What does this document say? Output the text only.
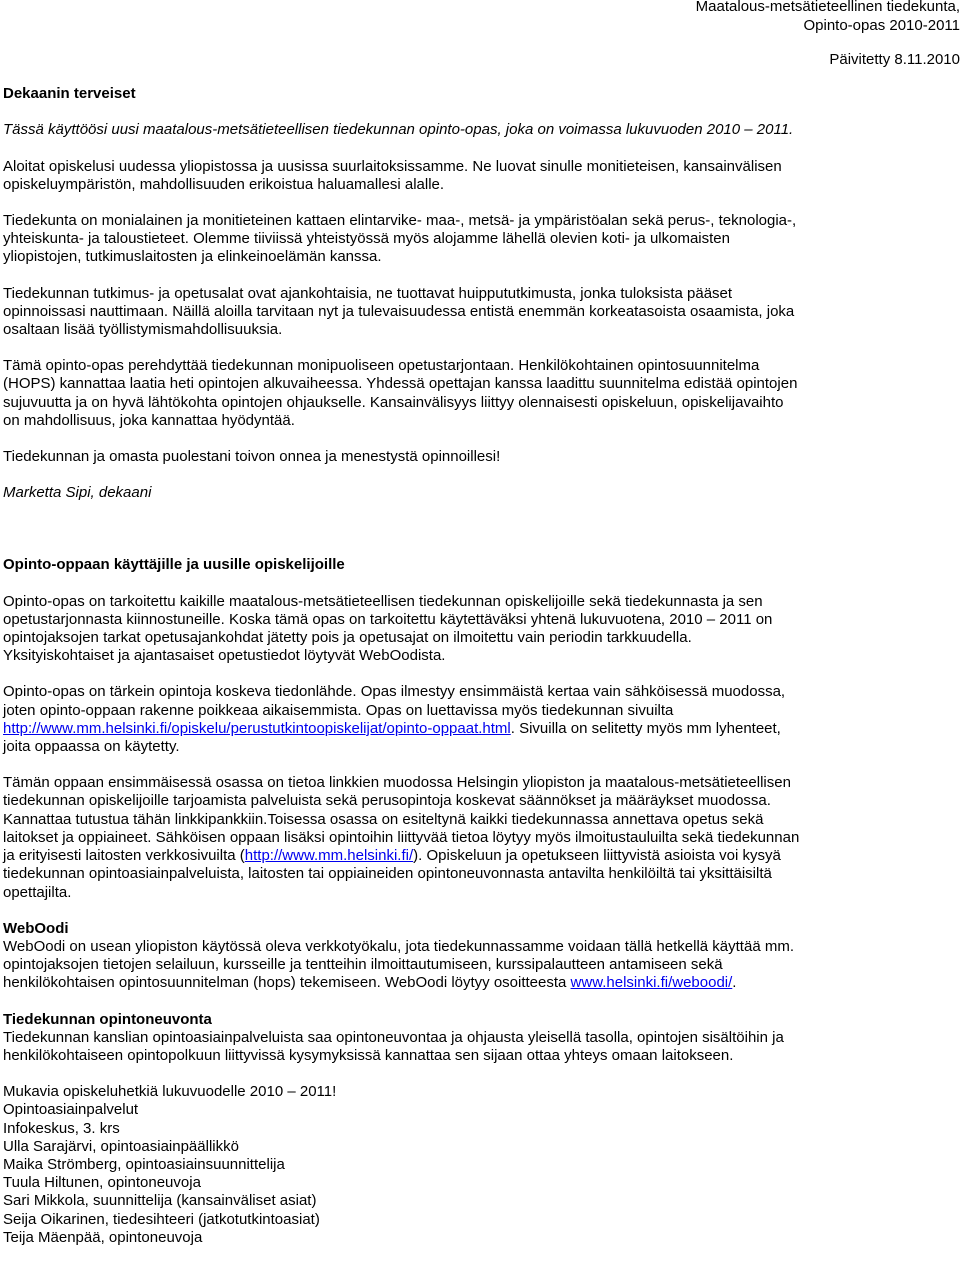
Maatalous-metsätieteellinen tiedekunta,
Opinto-opas 2010-2011
Päivitetty 8.11.2010
Dekaanin terveiset

Tässä käyttöösi uusi maatalous-metsätieteellisen tiedekunnan opinto-opas, joka on voimassa lukuvuoden 2010 – 2011.

Aloitat opiskelusi uudessa yliopistossa ja uusissa suurlaitoksissamme. Ne luovat sinulle monitieteisen, kansainvälisen
opiskeluympäristön, mahdollisuuden erikoistua haluamallesi alalle.

Tiedekunta on monialainen ja monitieteinen kattaen elintarvike- maa-, metsä- ja ympäristöalan sekä perus-, teknologia-,
yhteiskunta- ja taloustieteet. Olemme tiiviissä yhteistyössä myös alojamme lähellä olevien koti- ja ulkomaisten
yliopistojen, tutkimuslaitosten ja elinkeinoelämän kanssa.

Tiedekunnan tutkimus- ja opetusalat ovat ajankohtaisia, ne tuottavat huippututkimusta, jonka tuloksista pääset
opinnoissasi nauttimaan. Näillä aloilla tarvitaan nyt ja tulevaisuudessa entistä enemmän korkeatasoista osaamista, joka
osaltaan lisää työllistymismahdollisuuksia.

Tämä opinto-opas perehdyttää tiedekunnan monipuoliseen opetustarjontaan. Henkilökohtainen opintosuunnitelma
(HOPS) kannattaa laatia heti opintojen alkuvaiheessa. Yhdessä opettajan kanssa laadittu suunnitelma edistää opintojen
sujuvuutta ja on hyvä lähtökohta opintojen ohjaukselle. Kansainvälisyys liittyy olennaisesti opiskeluun, opiskelijavaihto
on mahdollisuus, joka kannattaa hyödyntää.

Tiedekunnan ja omasta puolestani toivon onnea ja menestystä opinnoillesi!

Marketta Sipi, dekaani

Opinto-oppaan käyttäjille ja uusille opiskelijoille

Opinto-opas on tarkoitettu kaikille maatalous-metsätieteellisen tiedekunnan opiskelijoille sekä tiedekunnasta ja sen
opetustarjonnasta kiinnostuneille. Koska tämä opas on tarkoitettu käytettäväksi yhtenä lukuvuotena, 2010 – 2011 on
opintojaksojen tarkat opetusajankohdat jätetty pois ja opetusajat on ilmoitettu vain periodin tarkkuudella.
Yksityiskohtaiset ja ajantasaiset opetustiedot löytyvät WebOodista.

Opinto-opas on tärkein opintoja koskeva tiedonlähde. Opas ilmestyy ensimmäistä kertaa vain sähköisessä muodossa,
joten opinto-oppaan rakenne poikkeaa aikaisemmista. Opas on luettavissa myös tiedekunnan sivuilta
http://www.mm.helsinki.fi/opiskelu/perustutkintoopiskelijat/opinto-oppaat.html. Sivuilla on selitetty myös mm lyhenteet,
joita oppaassa on käytetty.

Tämän oppaan ensimmäisessä osassa on tietoa linkkien muodossa Helsingin yliopiston ja maatalous-metsätieteellisen
tiedekunnan opiskelijoille tarjoamista palveluista sekä perusopintoja koskevat säännökset ja määräykset muodossa.
Kannattaa tutustua tähän linkkipankkiin.Toisessa osassa on esiteltynä kaikki tiedekunnassa annettava opetus sekä
laitokset ja oppiaineet. Sähköisen oppaan lisäksi opintoihin liittyvää tietoa löytyy myös ilmoitustauluilta sekä tiedekunnan
ja erityisesti laitosten verkkosivuilta (http://www.mm.helsinki.fi/). Opiskeluun ja opetukseen liittyvistä asioista voi kysyä
tiedekunnan opintoasiainpalveluista, laitosten tai oppiaineiden opintoneuvonnasta antavilta henkilöiltä tai yksittäisiltä
opettajilta.

WebOodi

WebOodi on usean yliopiston käytössä oleva verkkotyökalu, jota tiedekunnassamme voidaan tällä hetkellä käyttää mm.
opintojaksojen tietojen selailuun, kursseille ja tentteihin ilmoittautumiseen, kurssipalautteen antamiseen sekä
henkilökohtaisen opintosuunnitelman (hops) tekemiseen. WebOodi löytyy osoitteesta www.helsinki.fi/weboodi/.

Tiedekunnan opintoneuvonta

Tiedekunnan kanslian opintoasiainpalveluista saa opintoneuvontaa ja ohjausta yleisellä tasolla, opintojen sisältöihin ja
henkilökohtaiseen opintopolkuun liittyvissä kysymyksissä kannattaa sen sijaan ottaa yhteys omaan laitokseen.

Mukavia opiskeluhetkiä lukuvuodelle 2010 – 2011!

Opintoasiainpalvelut

Infokeskus, 3. krs

Ulla Sarajärvi, opintoasiainpäällikkö

Maika Strömberg, opintoasiainsuunnittelija

Tuula Hiltunen, opintoneuvoja

Sari Mikkola, suunnittelija (kansainväliset asiat)

Seija Oikarinen, tiedesihteeri (jatkotutkintoasiat)

Teija Mäenpää, opintoneuvoja
